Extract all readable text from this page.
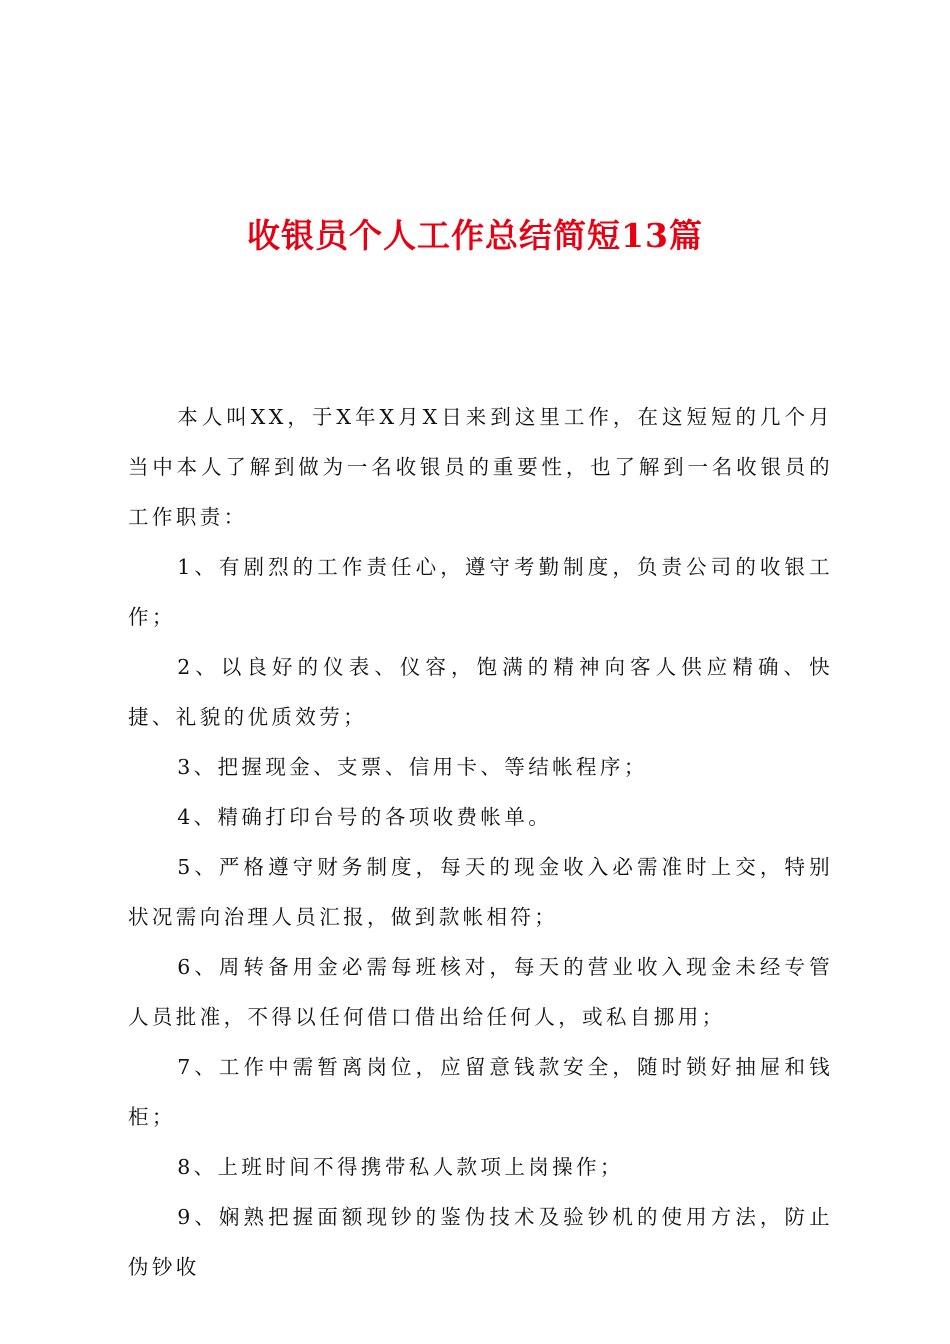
收银员个人工作总结简短13篇

本人叫XX，于X年X月X日来到这里工作，在这短短的几个月当中本人了解到做为一名收银员的重要性，也了解到一名收银员的工作职责：

1、有剧烈的工作责任心，遵守考勤制度，负责公司的收银工作；

2、以良好的仪表、仪容，饱满的精神向客人供应精确、快捷、礼貌的优质效劳；

3、把握现金、支票、信用卡、等结帐程序；

4、精确打印台号的各项收费帐单。

5、严格遵守财务制度，每天的现金收入必需准时上交，特别状况需向治理人员汇报，做到款帐相符；

6、周转备用金必需每班核对，每天的营业收入现金未经专管人员批准，不得以任何借口借出给任何人，或私自挪用；

7、工作中需暂离岗位，应留意钱款安全，随时锁好抽屉和钱柜；

8、上班时间不得携带私人款项上岗操作；

9、娴熟把握面额现钞的鉴伪技术及验钞机的使用方法，防止伪钞收
